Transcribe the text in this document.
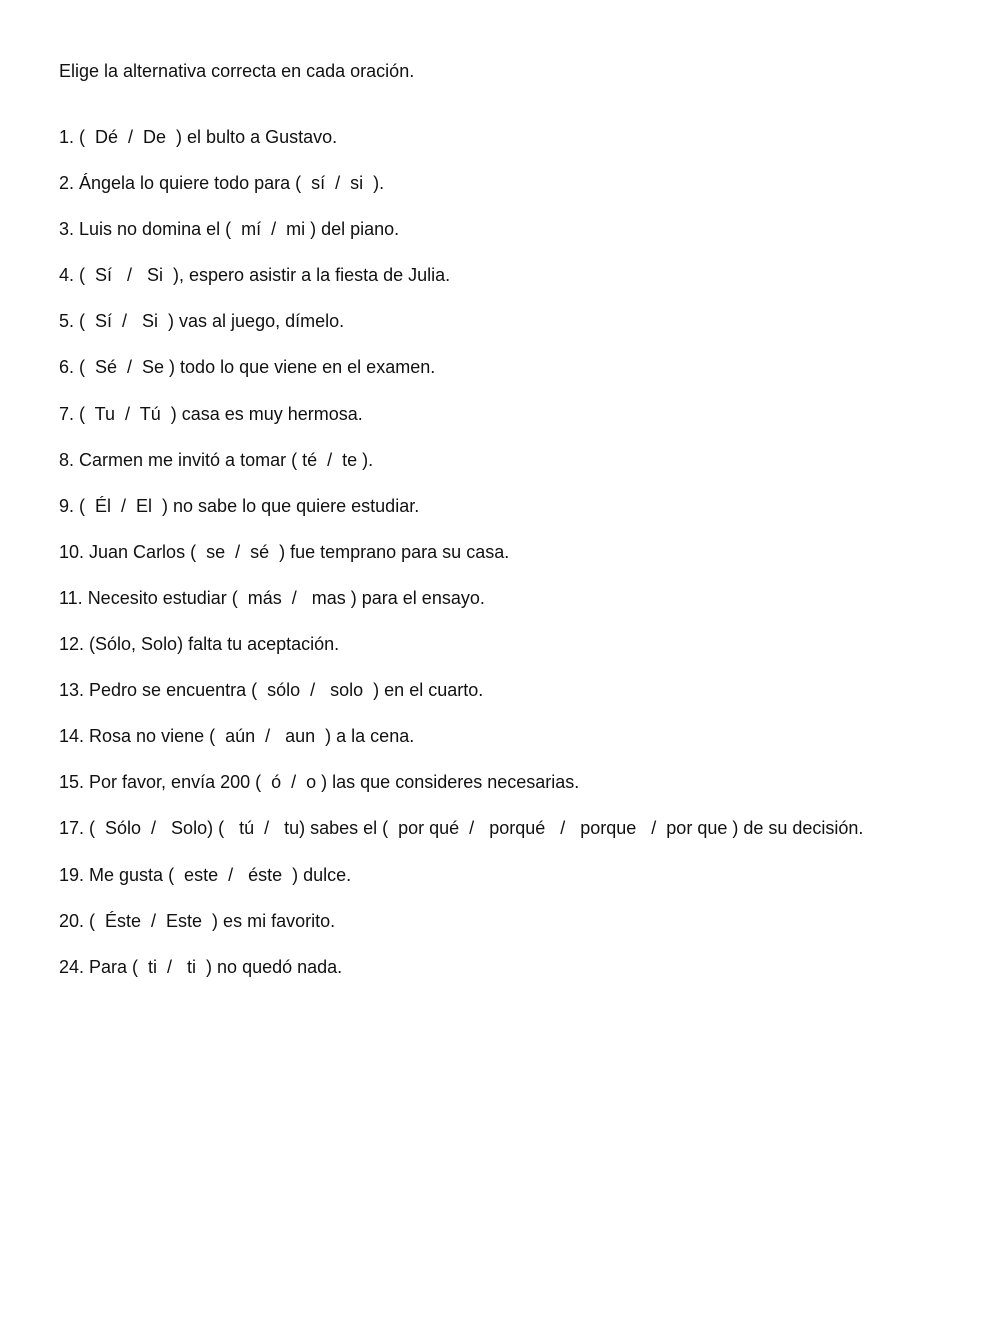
Elige la alternativa correcta en cada oración.

1. (  Dé  /  De  ) el bulto a Gustavo.
2. Ángela lo quiere todo para (  sí  /  si  ).
3. Luis no domina el (  mí  /  mi ) del piano.
4. (  Sí   /   Si  ), espero asistir a la fiesta de Julia.
5. (  Sí  /   Si  ) vas al juego, dímelo.
6. (  Sé  /  Se ) todo lo que viene en el examen.
7. (  Tu  /  Tú  ) casa es muy hermosa.
8. Carmen me invitó a tomar ( té  /  te ).
9. (  Él  /  El  ) no sabe lo que quiere estudiar.
10. Juan Carlos (  se  /  sé  ) fue temprano para su casa.
11. Necesito estudiar (  más  /   mas ) para el ensayo.
12. (Sólo, Solo) falta tu aceptación.
13. Pedro se encuentra (  sólo  /   solo  ) en el cuarto.
14. Rosa no viene (  aún  /   aun  ) a la cena.
15. Por favor, envía 200 (  ó  /  o ) las que consideres necesarias.
17. (  Sólo  /   Solo) (   tú  /   tu) sabes el (  por qué  /   porqué   /   porque   /  por que ) de su decisión.
19. Me gusta (  este  /   éste  ) dulce.
20. (  Éste  /  Este  ) es mi favorito.
24. Para (  ti  /   ti  ) no quedó nada.
